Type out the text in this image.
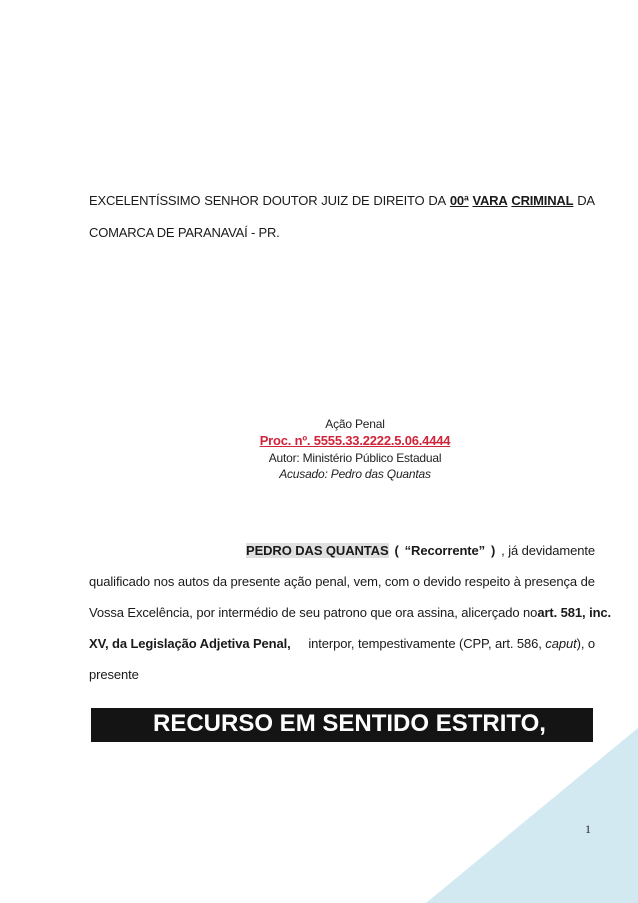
EXCELENTÍSSIMO SENHOR DOUTOR JUIZ DE DIREITO DA 00ª VARA CRIMINAL DA
COMARCA DE PARANAVAÍ - PR.
Ação Penal
Proc. nº. 5555.33.2222.5.06.4444
Autor: Ministério Público Estadual
Acusado: Pedro das Quantas
PEDRO DAS QUANTAS ( “Recorrente” ) , já devidamente
qualificado nos autos da presente ação penal, vem, com o devido respeito à presença de
Vossa Excelência, por intermédio de seu patrono que ora assina, alicerçado no art. 581, inc.
XV, da Legislação Adjetiva Penal, interpor, tempestivamente (CPP, art. 586, caput), o
presente
RECURSO EM SENTIDO ESTRITO,
1
